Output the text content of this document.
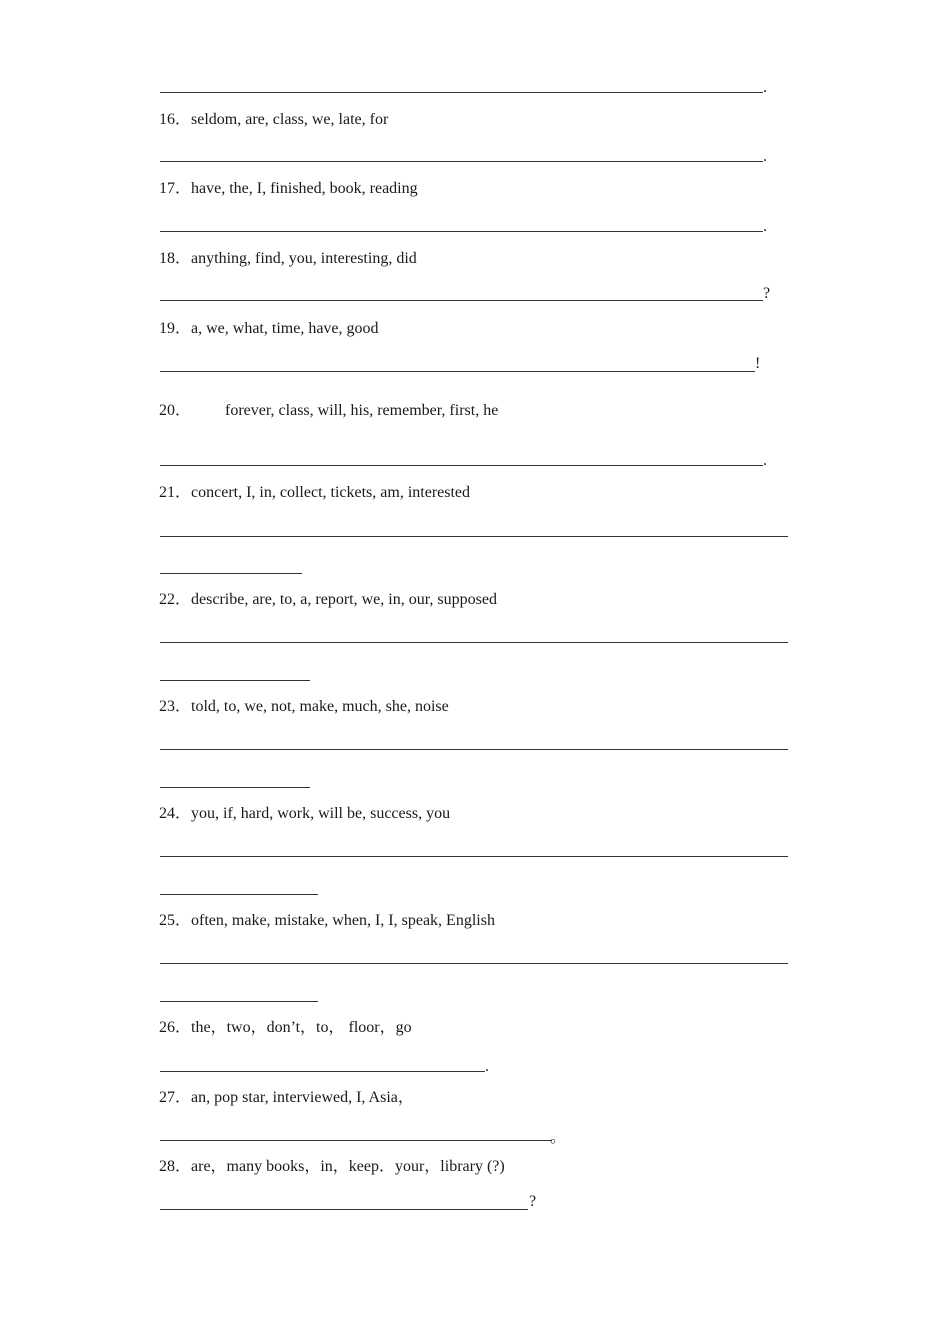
.
16．seldom, are, class, we, late, for
.
17．have, the, I, finished, book, reading
.
18．anything, find, you, interesting, did
?
19．a, we, what, time, have, good
!
20． forever, class, will, his, remember, first, he
.
21．concert, I, in, collect, tickets, am, interested
22．describe, are, to, a, report, we, in, our, supposed
23．told, to, we, not, make, much, she, noise
24．you, if, hard, work, will be, success, you
25．often, make, mistake, when, I, I, speak, English
26．the，two，don’t，to， floor，go
.
27．an, pop star, interviewed, I, Asia，
。
28．are，many books，in，keep．your，library (?)
?
